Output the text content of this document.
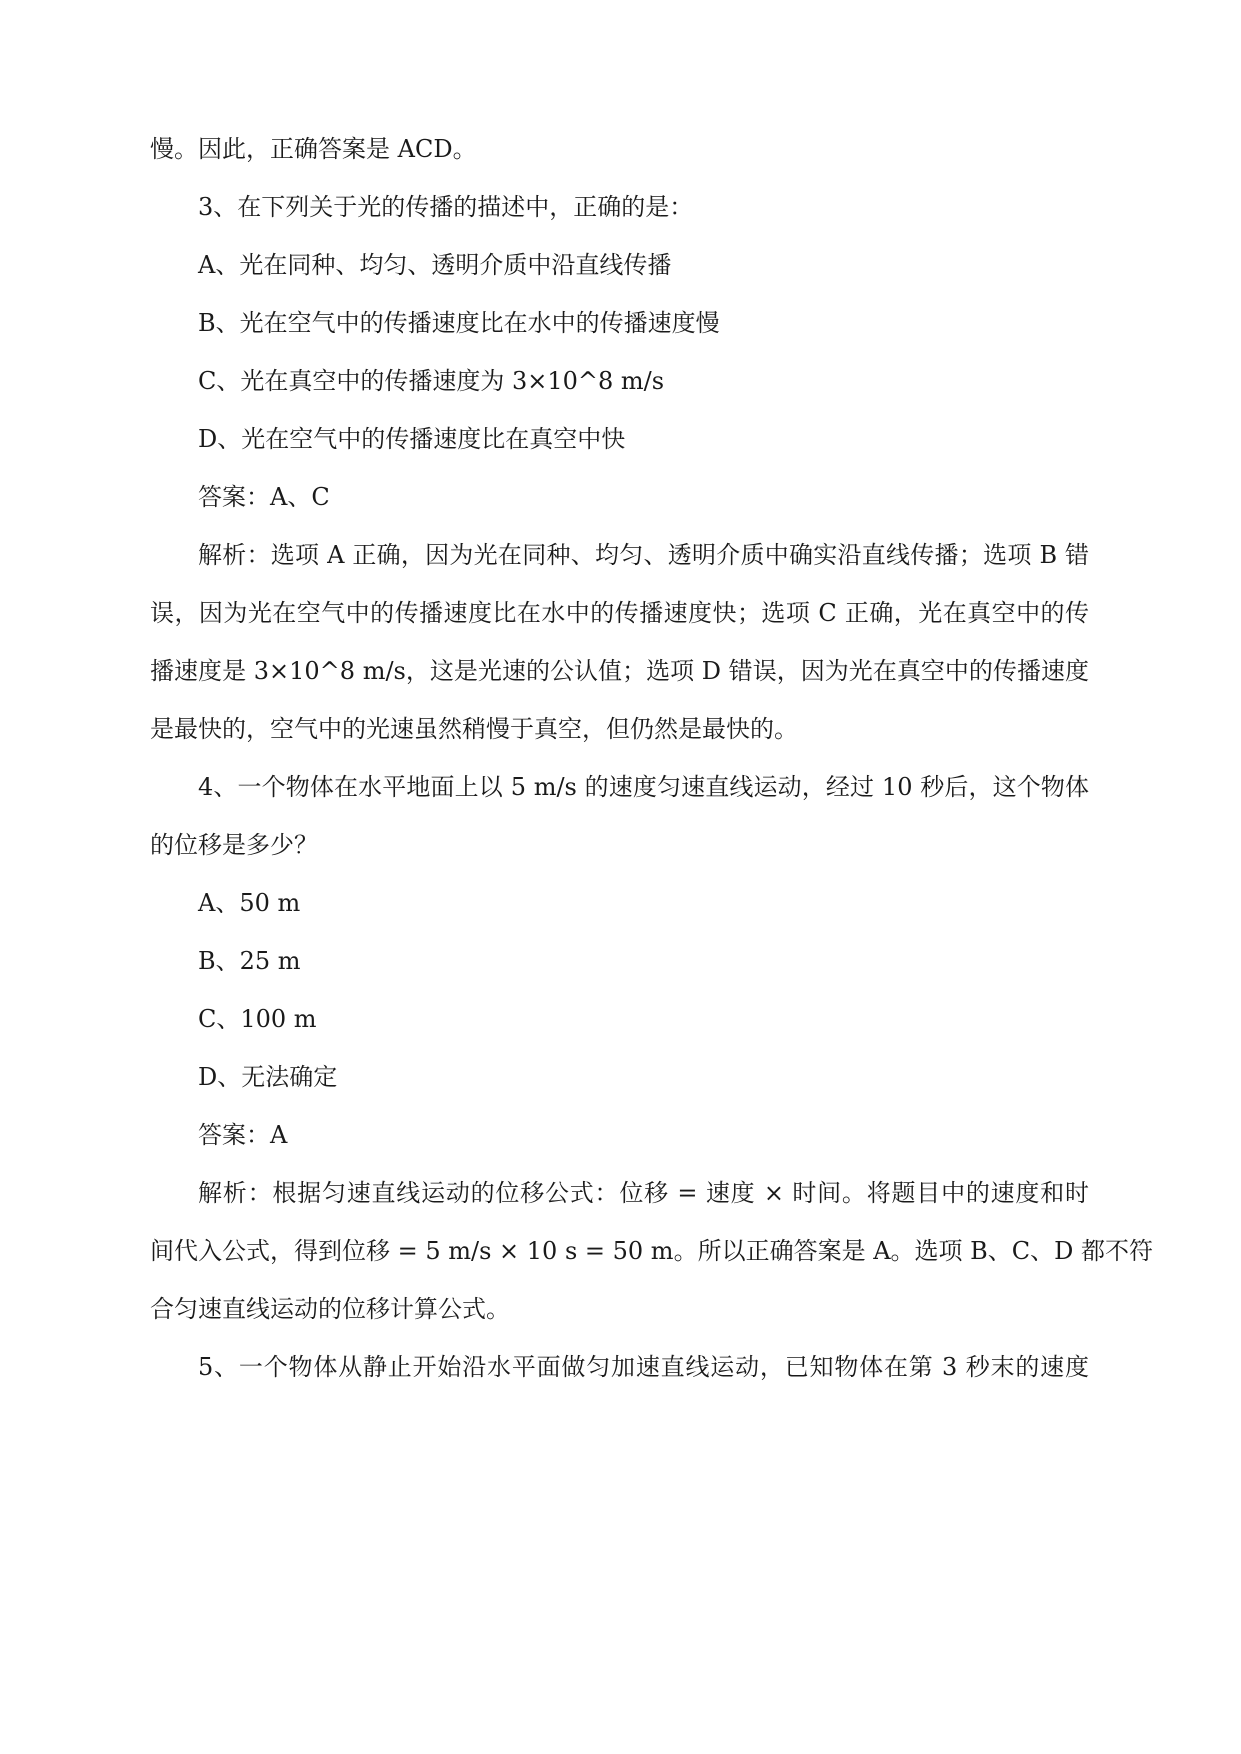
慢。因此，正确答案是 ACD。

3、在下列关于光的传播的描述中，正确的是：

A、光在同种、均匀、透明介质中沿直线传播

B、光在空气中的传播速度比在水中的传播速度慢

C、光在真空中的传播速度为 3×10^8 m/s

D、光在空气中的传播速度比在真空中快

答案：A、C

解析：选项 A 正确，因为光在同种、均匀、透明介质中确实沿直线传播；选项 B 错

误，因为光在空气中的传播速度比在水中的传播速度快；选项 C 正确，光在真空中的传

播速度是 3×10^8 m/s，这是光速的公认值；选项 D 错误，因为光在真空中的传播速度

是最快的，空气中的光速虽然稍慢于真空，但仍然是最快的。

4、一个物体在水平地面上以 5 m/s 的速度匀速直线运动，经过 10 秒后，这个物体

的位移是多少？

A、50 m

B、25 m

C、100 m

D、无法确定

答案：A

解析：根据匀速直线运动的位移公式：位移 = 速度 × 时间。将题目中的速度和时

间代入公式，得到位移 = 5 m/s × 10 s = 50 m。所以正确答案是 A。选项 B、C、D 都不符

合匀速直线运动的位移计算公式。

5、一个物体从静止开始沿水平面做匀加速直线运动，已知物体在第 3 秒末的速度
